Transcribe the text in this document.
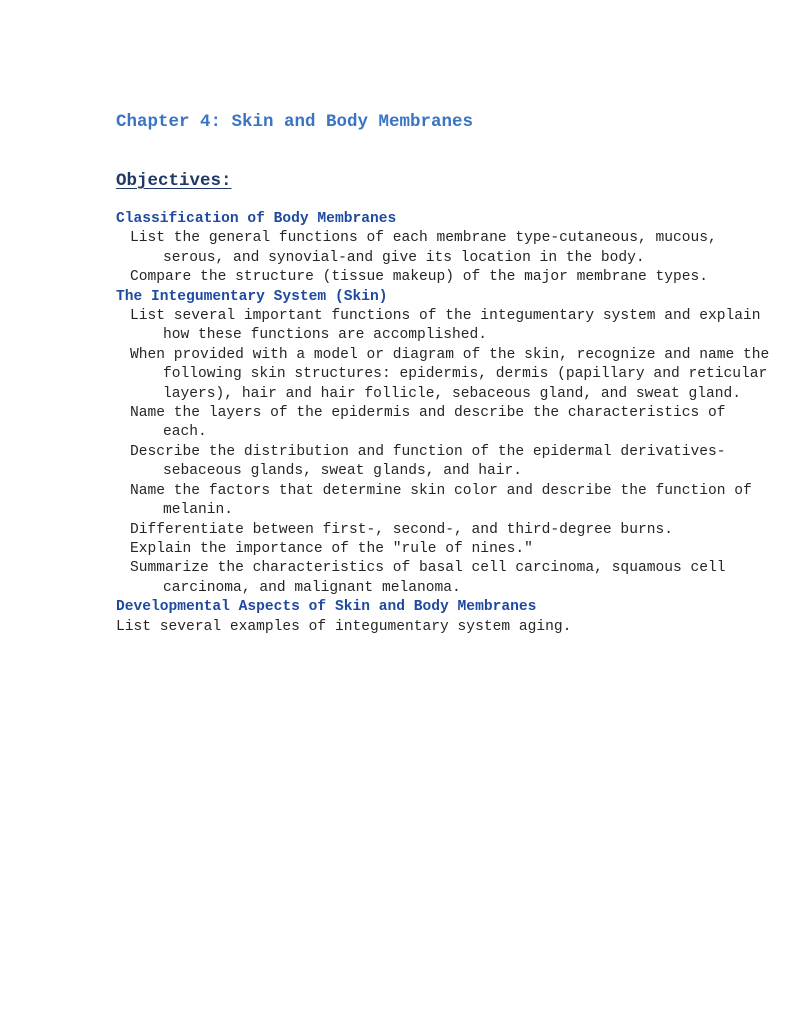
Chapter 4: Skin and Body Membranes
Objectives:

Classification of Body Membranes

List the general functions of each membrane type-cutaneous, mucous, serous, and synovial-and give its location in the body.

Compare the structure (tissue makeup) of the major membrane types.

The Integumentary System (Skin)

List several important functions of the integumentary system and explain how these functions are accomplished.

When provided with a model or diagram of the skin, recognize and name the following skin structures: epidermis, dermis (papillary and reticular layers), hair and hair follicle, sebaceous gland, and sweat gland.

Name the layers of the epidermis and describe the characteristics of each.

Describe the distribution and function of the epidermal derivatives-sebaceous glands, sweat glands, and hair.

Name the factors that determine skin color and describe the function of melanin.

Differentiate between first-, second-, and third-degree burns.

Explain the importance of the "rule of nines."

Summarize the characteristics of basal cell carcinoma, squamous cell carcinoma, and malignant melanoma.

Developmental Aspects of Skin and Body Membranes

List several examples of integumentary system aging.
